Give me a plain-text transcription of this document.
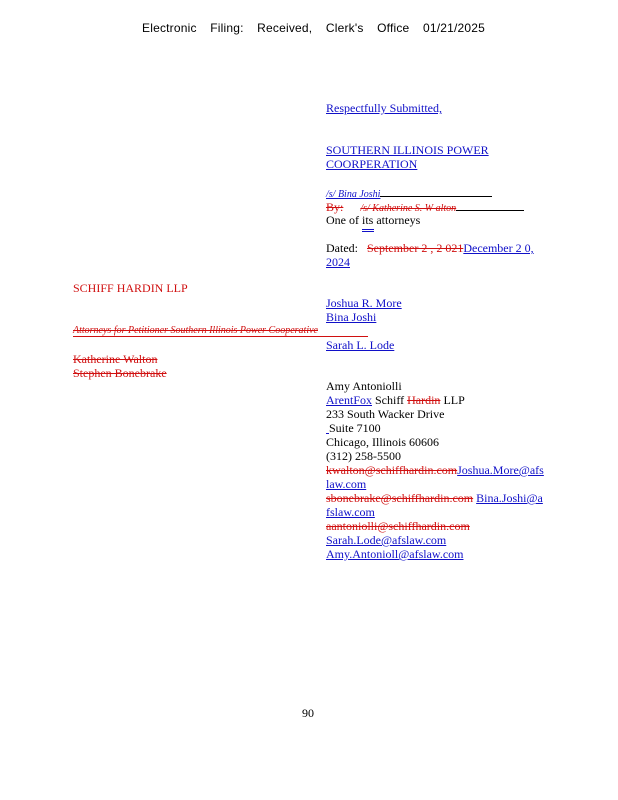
Electronic Filing: Received, Clerk's Office 01/21/2025
Respectfully Submitted,
SOUTHERN ILLINOIS POWER
COORPERATION
/s/ Bina Joshi
By: /s/ Katherine S. W alton
One of its attorneys
Dated: September 2 , 2 021December 2 0,
2024
SCHIFF HARDIN LLP
Attorneys for Petitioner Southern Illinois Power Cooperative
Katherine Walton
Stephen Bonebrake
Joshua R. More
Bina Joshi
Sarah L. Lode
Amy Antoniolli
ArentFox Schiff Hardin LLP
233 South Wacker Drive
Suite 7100
Chicago, Illinois 60606
(312) 258-5500
kwalton@schiffhardin.comJoshua.More@afslaw.com
sbonebrake@schiffhardin.com Bina.Joshi@afslaw.com
aantoniolli@schiffhardin.com
Sarah.Lode@afslaw.com
Amy.Antonioll@afslaw.com
90
